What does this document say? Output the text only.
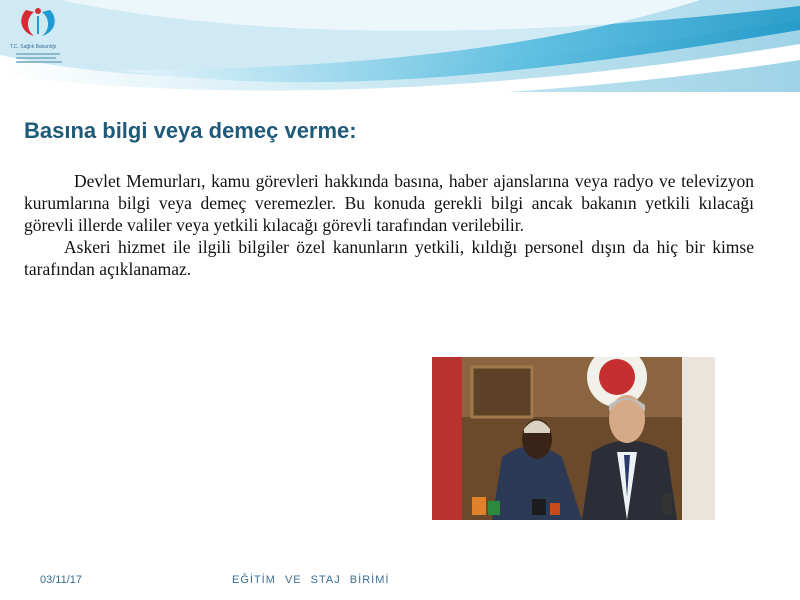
T.C. Sağlık Bakanlığı
Basına bilgi veya demeç verme:

Devlet Memurları, kamu görevleri hakkında basına, haber ajanslarına veya radyo ve televizyon kurumlarına bilgi veya demeç veremezler. Bu konuda gerekli bilgi ancak bakanın yetkili kılacağı görevli illerde valiler veya yetkili kılacağı görevli tarafından verilebilir.

Askeri hizmet ile ilgili bilgiler özel kanunların yetkili, kıldığı personel dışın da hiç bir kimse tarafından açıklanamaz.

03/11/17	EĞİTİM VE STAJ BİRİMİ
